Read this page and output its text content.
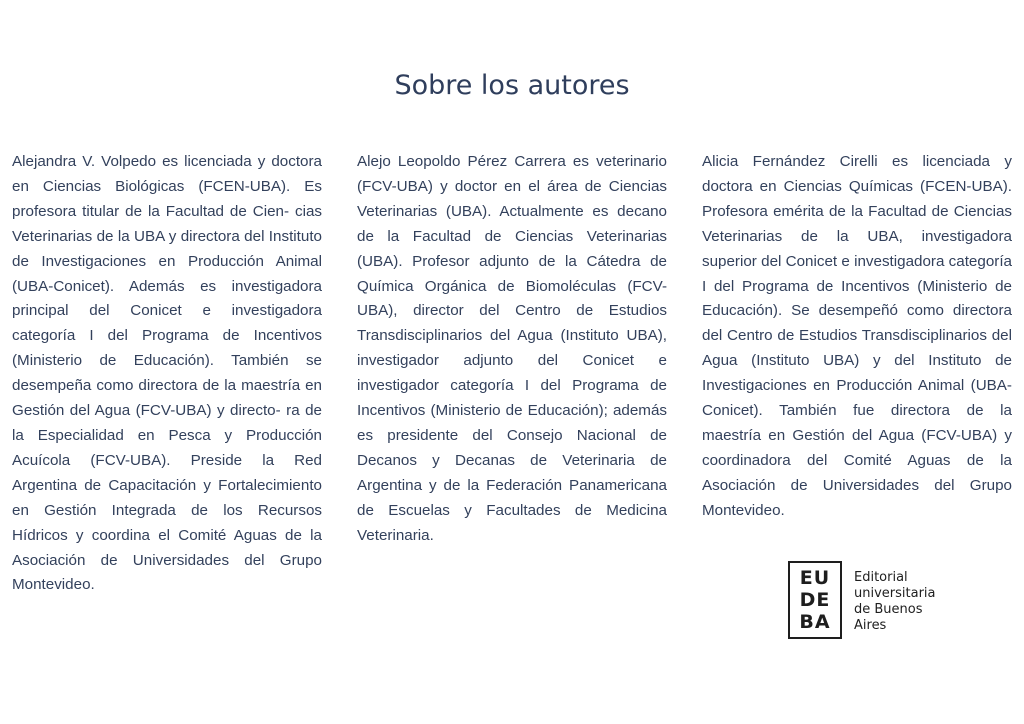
Sobre los autores

Alejandra V. Volpedo es licenciada y doctora en Ciencias Biológicas (FCEN-UBA). Es profesora titular de la Facultad de Cien- cias Veterinarias de la UBA y directora del Instituto de Investigaciones en Producción Animal (UBA-Conicet). Además es investigadora principal del Conicet e investigadora categoría I del Programa de Incentivos (Ministerio de Educación). También se desempeña como directora de la maestría en Gestión del Agua (FCV-UBA) y directo- ra de la Especialidad en Pesca y Producción Acuícola (FCV-UBA). Preside la Red Argentina de Capacitación y Fortalecimiento en Gestión Integrada de los Recursos Hídricos y coordina el Comité Aguas de la Asociación de Universidades del Grupo Montevideo.

Alejo Leopoldo Pérez Carrera es veterinario (FCV-UBA) y doctor en el área de Ciencias Veterinarias (UBA). Actualmente es decano de la Facultad de Ciencias Veterinarias (UBA). Profesor adjunto de la Cátedra de Química Orgánica de Biomoléculas (FCV-UBA), director del Centro de Estudios Transdisciplinarios del Agua (Instituto UBA), investigador adjunto del Conicet e investigador categoría I del Programa de Incentivos (Ministerio de Educación); además es presidente del Consejo Nacional de Decanos y Decanas de Veterinaria de Argentina y de la Federación Panamericana de Escuelas y Facultades de Medicina Veterinaria.

Alicia Fernández Cirelli es licenciada y doctora en Ciencias Químicas (FCEN-UBA). Profesora emérita de la Facultad de Ciencias Veterinarias de la UBA, investigadora superior del Conicet e investigadora categoría I del Programa de Incentivos (Ministerio de Educación). Se desempeñó como directora del Centro de Estudios Transdisciplinarios del Agua (Instituto UBA) y del Instituto de Investigaciones en Producción Animal (UBA-Conicet). También fue directora de la maestría en Gestión del Agua (FCV-UBA) y coordinadora del Comité Aguas de la Asociación de Universidades del Grupo Montevideo.

EU
DE
BA
Editorial
universitaria
de Buenos
Aires
